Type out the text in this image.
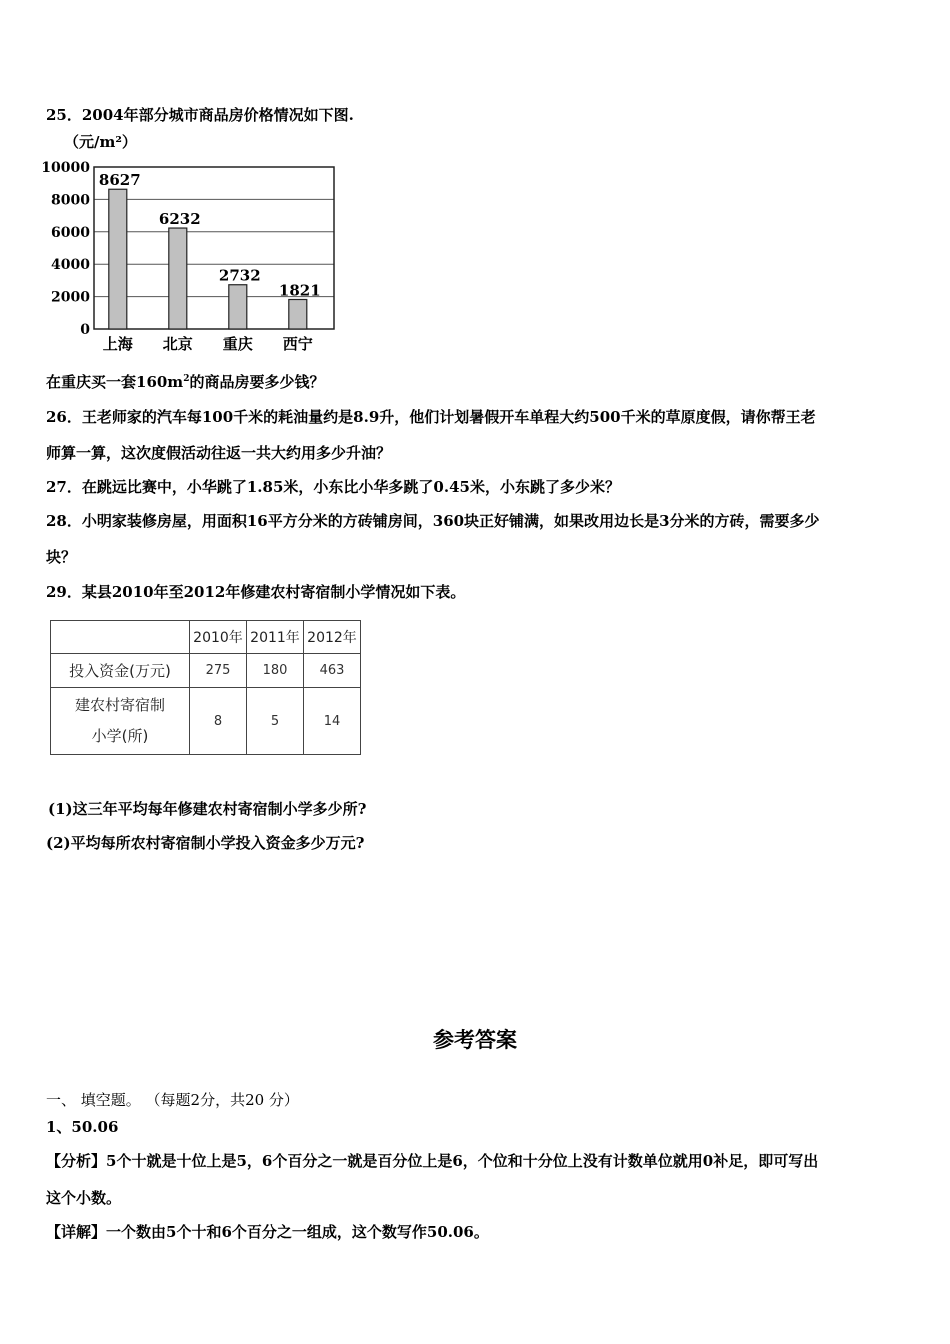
25．2004年部分城市商品房价格情况如下图.
（元/m²）
0
2000
4000
6000
8000
10000
8627
上海
6232
北京
2732
重庆
1821
西宁
在重庆买一套$160m^2$的商品房要多少钱？
26．王老师家的汽车每100千米的耗油量约是8.9升，他们计划暑假开车单程大约500千米的草原度假，请你帮王老
师算一算，这次度假活动往返一共大约用多少升油？
27．在跳远比赛中，小华跳了1.85米，小东比小华多跳了0.45米，小东跳了多少米？
28．小明家装修房屋，用面积16平方分米的方砖铺房间，360块正好铺满，如果改用边长是3分米的方砖，需要多少
块？
29．某县2010年至2012年修建农村寄宿制小学情况如下表。
	2010年	2011年	2012年
投入资金(万元)	275	180	463

建农村寄宿制
小学(所)	8	5	14
(1)这三年平均每年修建农村寄宿制小学多少所?
(2)平均每所农村寄宿制小学投入资金多少万元?
参考答案
一、 填空题。 （每题2分，共20 分）
1、50.06
【分析】5个十就是十位上是5，6个百分之一就是百分位上是6，个位和十分位上没有计数单位就用0补足，即可写出
这个小数。
【详解】一个数由5个十和6个百分之一组成，这个数写作50.06。
